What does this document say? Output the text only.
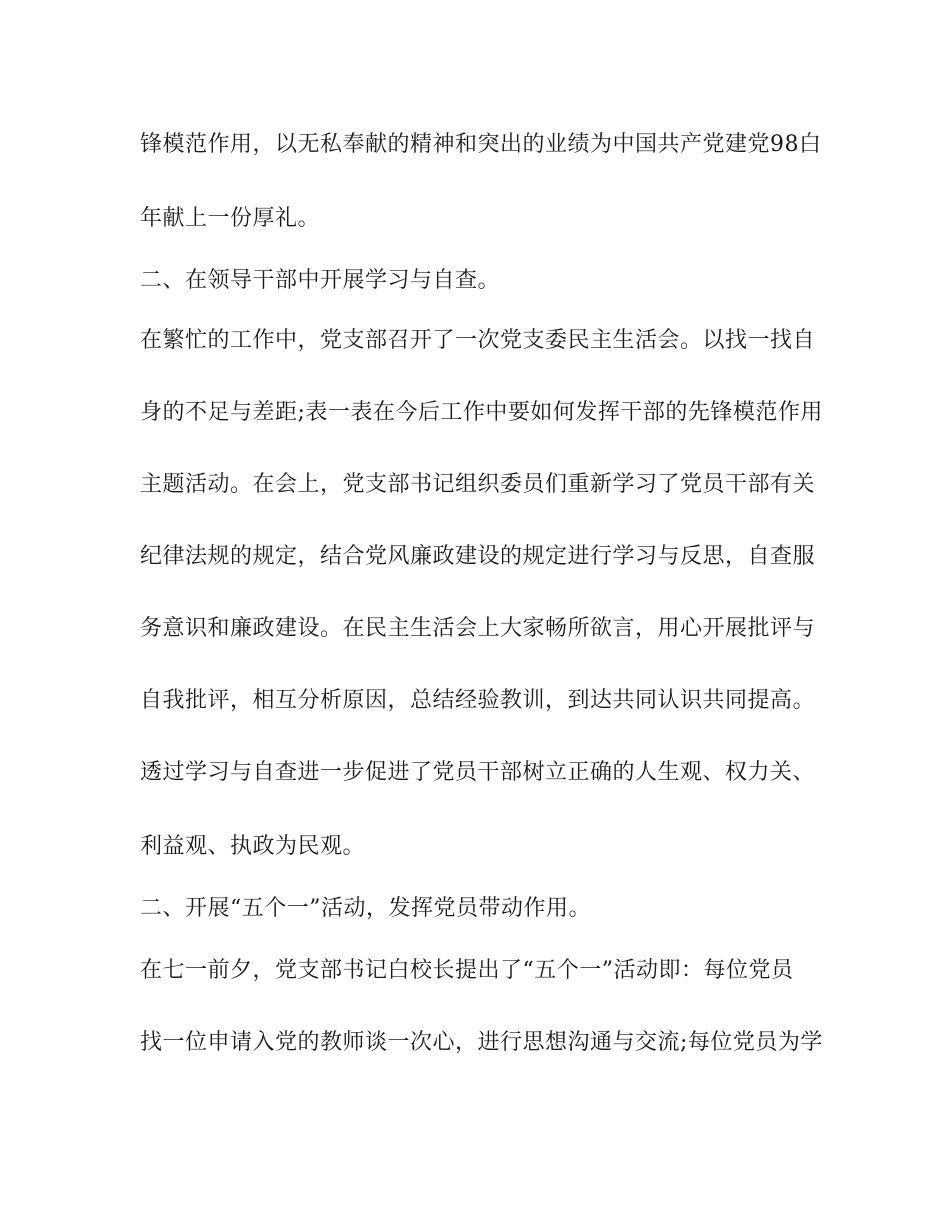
锋模范作用，以无私奉献的精神和突出的业绩为中国共产党建党98白
年献上一份厚礼。
二、在领导干部中开展学习与自查。
在繁忙的工作中，党支部召开了一次党支委民主生活会。以找一找自
身的不足与差距;表一表在今后工作中要如何发挥干部的先锋模范作用
主题活动。在会上，党支部书记组织委员们重新学习了党员干部有关
纪律法规的规定，结合党风廉政建设的规定进行学习与反思，自查服
务意识和廉政建设。在民主生活会上大家畅所欲言，用心开展批评与
自我批评，相互分析原因，总结经验教训，到达共同认识共同提高。
透过学习与自查进一步促进了党员干部树立正确的人生观、权力关、
利益观、执政为民观。
二、开展“五个一”活动，发挥党员带动作用。
在七一前夕，党支部书记白校长提出了“五个一”活动即：每位党员
找一位申请入党的教师谈一次心，进行思想沟通与交流;每位党员为学
